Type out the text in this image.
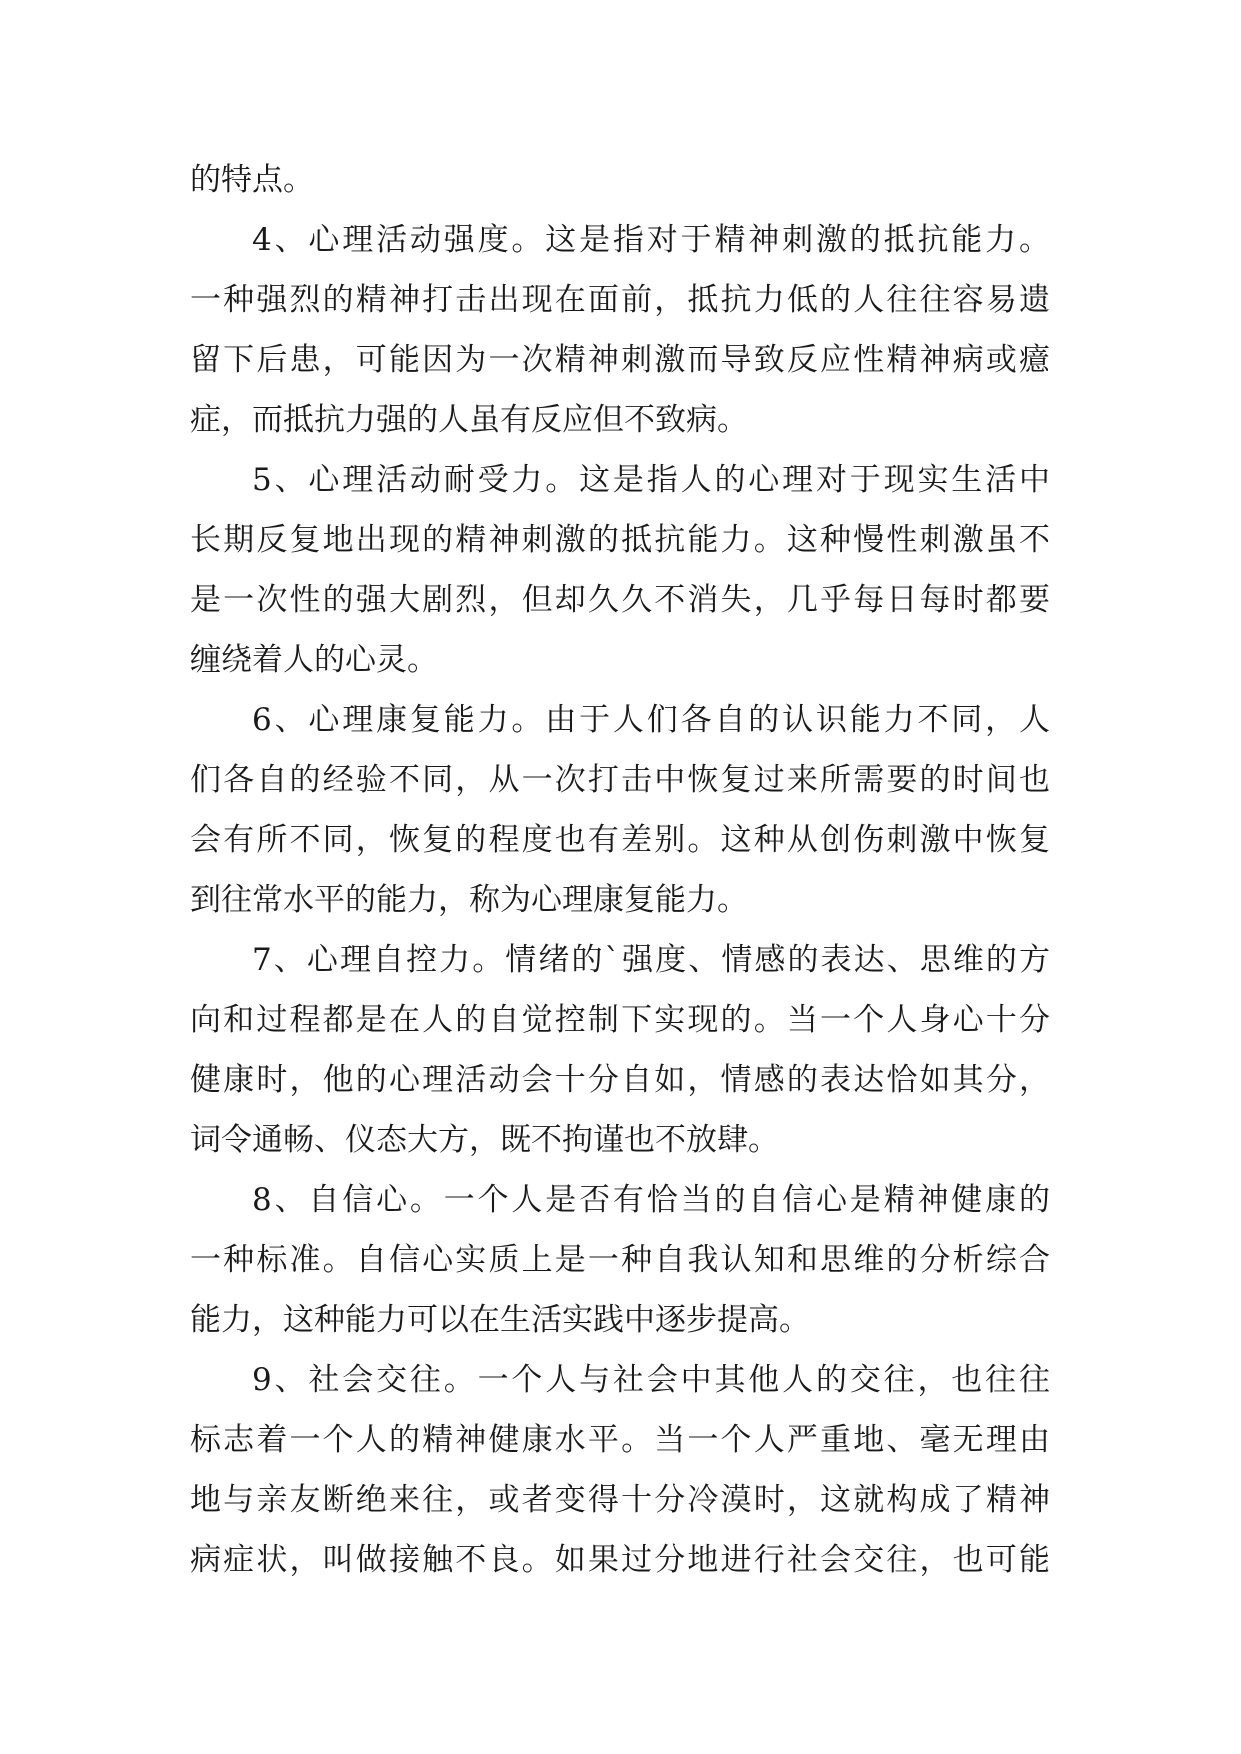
的特点。
4、心理活动强度。这是指对于精神刺激的抵抗能力。
一种强烈的精神打击出现在面前，抵抗力低的人往往容易遗
留下后患，可能因为一次精神刺激而导致反应性精神病或癔
症，而抵抗力强的人虽有反应但不致病。
5、心理活动耐受力。这是指人的心理对于现实生活中
长期反复地出现的精神刺激的抵抗能力。这种慢性刺激虽不
是一次性的强大剧烈，但却久久不消失，几乎每日每时都要
缠绕着人的心灵。
6、心理康复能力。由于人们各自的认识能力不同，人
们各自的经验不同，从一次打击中恢复过来所需要的时间也
会有所不同，恢复的程度也有差别。这种从创伤刺激中恢复
到往常水平的能力，称为心理康复能力。
7、心理自控力。情绪的`强度、情感的表达、思维的方
向和过程都是在人的自觉控制下实现的。当一个人身心十分
健康时，他的心理活动会十分自如，情感的表达恰如其分，
词令通畅、仪态大方，既不拘谨也不放肆。
8、自信心。一个人是否有恰当的自信心是精神健康的
一种标准。自信心实质上是一种自我认知和思维的分析综合
能力，这种能力可以在生活实践中逐步提高。
9、社会交往。一个人与社会中其他人的交往，也往往
标志着一个人的精神健康水平。当一个人严重地、毫无理由
地与亲友断绝来往，或者变得十分冷漠时，这就构成了精神
病症状，叫做接触不良。如果过分地进行社会交往，也可能
